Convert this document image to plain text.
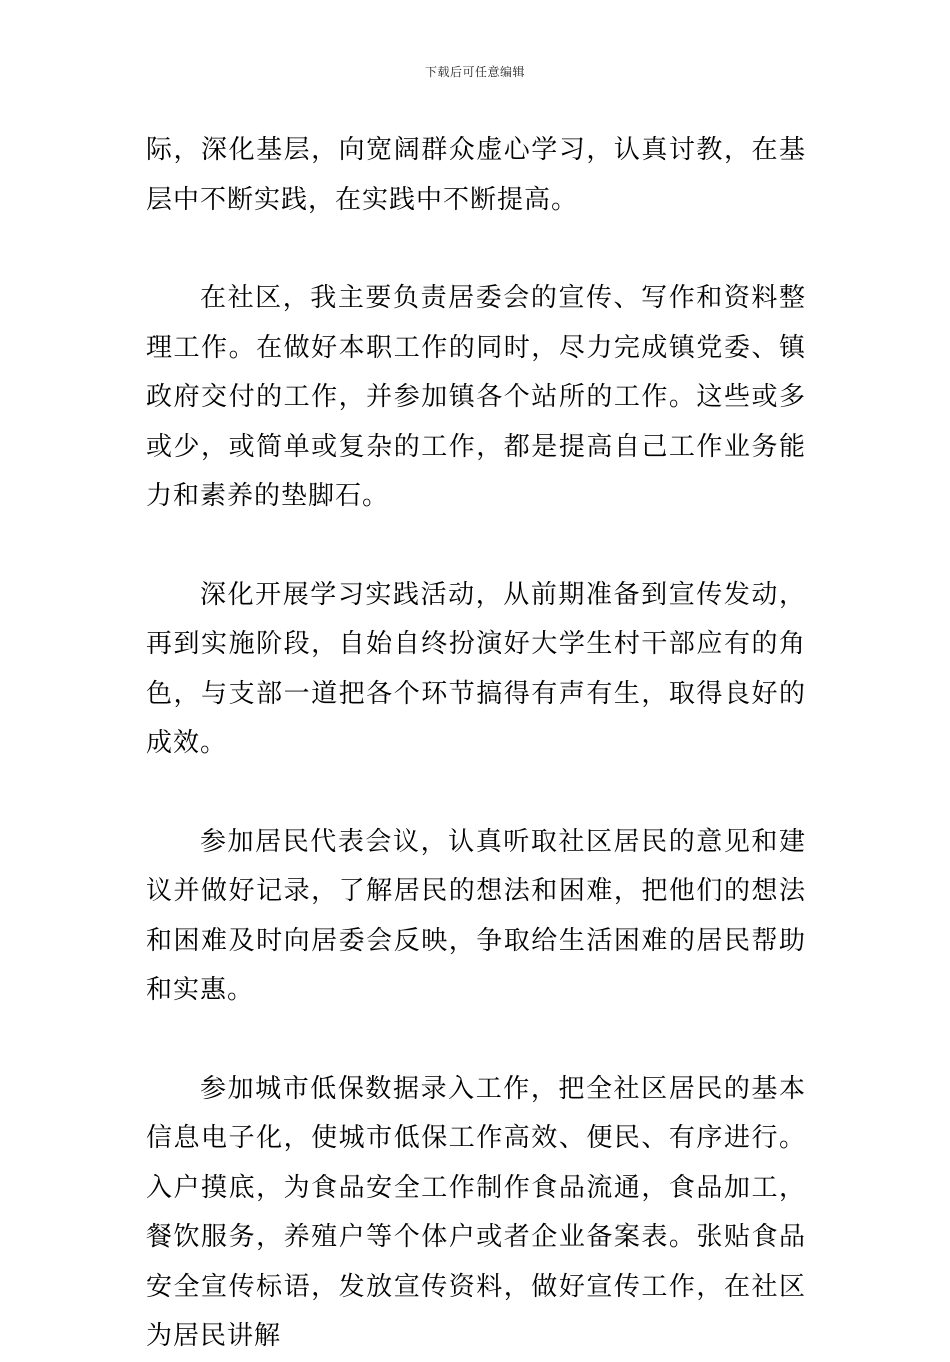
下载后可任意编辑

际，深化基层，向宽阔群众虚心学习，认真讨教，在基层中不断实践，在实践中不断提高。

在社区，我主要负责居委会的宣传、写作和资料整理工作。在做好本职工作的同时，尽力完成镇党委、镇政府交付的工作，并参加镇各个站所的工作。这些或多或少，或简单或复杂的工作，都是提高自己工作业务能力和素养的垫脚石。

深化开展学习实践活动，从前期准备到宣传发动，再到实施阶段，自始自终扮演好大学生村干部应有的角色，与支部一道把各个环节搞得有声有生，取得良好的成效。

参加居民代表会议，认真听取社区居民的意见和建议并做好记录，了解居民的想法和困难，把他们的想法和困难及时向居委会反映，争取给生活困难的居民帮助和实惠。

参加城市低保数据录入工作，把全社区居民的基本信息电子化，使城市低保工作高效、便民、有序进行。入户摸底，为食品安全工作制作食品流通，食品加工，餐饮服务，养殖户等个体户或者企业备案表。张贴食品安全宣传标语，发放宣传资料，做好宣传工作，在社区为居民讲解
